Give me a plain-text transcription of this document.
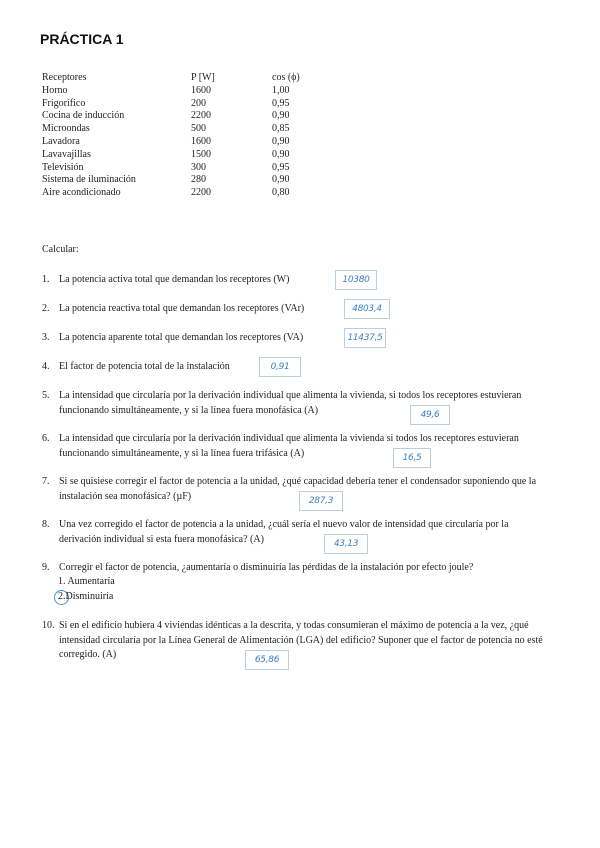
PRÁCTICA 1
Receptores	P [W]	cos (ϕ)
Horno	1600	1,00
Frigorífico	200	0,95
Cocina de inducción	2200	0,90
Microondas	500	0,85
Lavadora	1600	0,90
Lavavajillas	1500	0,90
Televisión	300	0,95
Sistema de iluminación	280	0,90
Aire acondicionado	2200	0,80
Calcular:
1. La potencia activa total que demandan los receptores (W)	10380
2. La potencia reactiva total que demandan los receptores (VAr)	4803,4
3. La potencia aparente total que demandan los receptores (VA)	11437,5
4. El factor de potencia total de la instalación	0,91
5. La intensidad que circularía por la derivación individual que alimenta la vivienda, si todos los receptores estuvieran funcionando simultáneamente, y si la línea fuera monofásica (A)	49,6
6. La intensidad que circularía por la derivación individual que alimenta la vivienda si todos los receptores estuvieran funcionando simultáneamente, y si la línea fuera trifásica (A)	16,5
7. Si se quisiese corregir el factor de potencia a la unidad, ¿qué capacidad debería tener el condensador suponiendo que la instalación sea monofásica? (µF)	287,3
8. Una vez corregido el factor de potencia a la unidad, ¿cuál sería el nuevo valor de intensidad que circularía por la derivación individual si esta fuera monofásica? (A)	43,13
9. Corregir el factor de potencia, ¿aumentaría o disminuiría las pérdidas de la instalación por efecto joule?
1. Aumentaría
2.Disminuiría
10. Si en el edificio hubiera 4 viviendas idénticas a la descrita, y todas consumieran el máximo de potencia a la vez, ¿qué intensidad circularía por la Línea General de Alimentación (LGA) del edificio? Suponer que el factor de potencia no esté corregido. (A)	65,86
